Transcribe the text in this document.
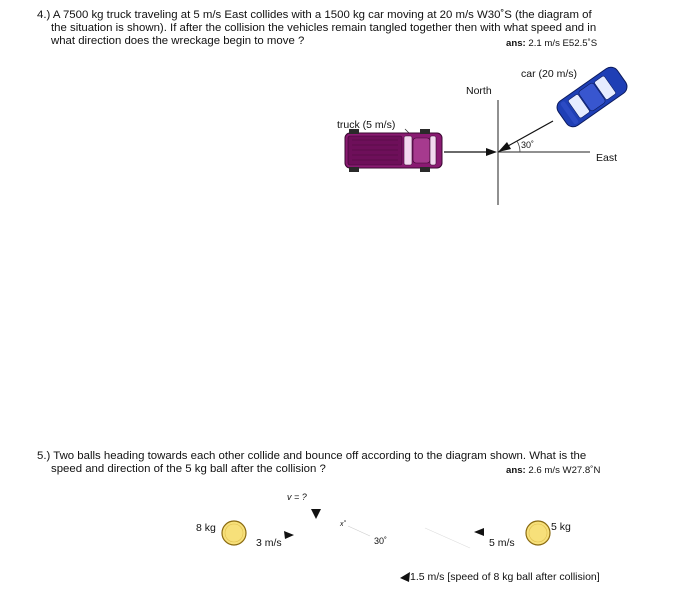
4.) A 7500 kg truck traveling at 5 m/s East collides with a 1500 kg car moving at 20 m/s W30˚S (the diagram of
the situation is shown). If after the collision the vehicles remain tangled together then with what speed and in
what direction does the wreckage begin to move ?	ans: 2.1 m/s E52.5˚S
car (20 m/s)
North
truck (5 m/s)
30˚
East
5.) Two balls heading towards each other collide and bounce off according to the diagram shown. What is the
speed and direction of the 5 kg ball after the collision ?	ans: 2.6 m/s W27.8˚N
v = ?
8 kg
3 m/s
x˚
30˚	5 m/s
5 kg
1.5 m/s [speed of 8 kg ball after collision]
